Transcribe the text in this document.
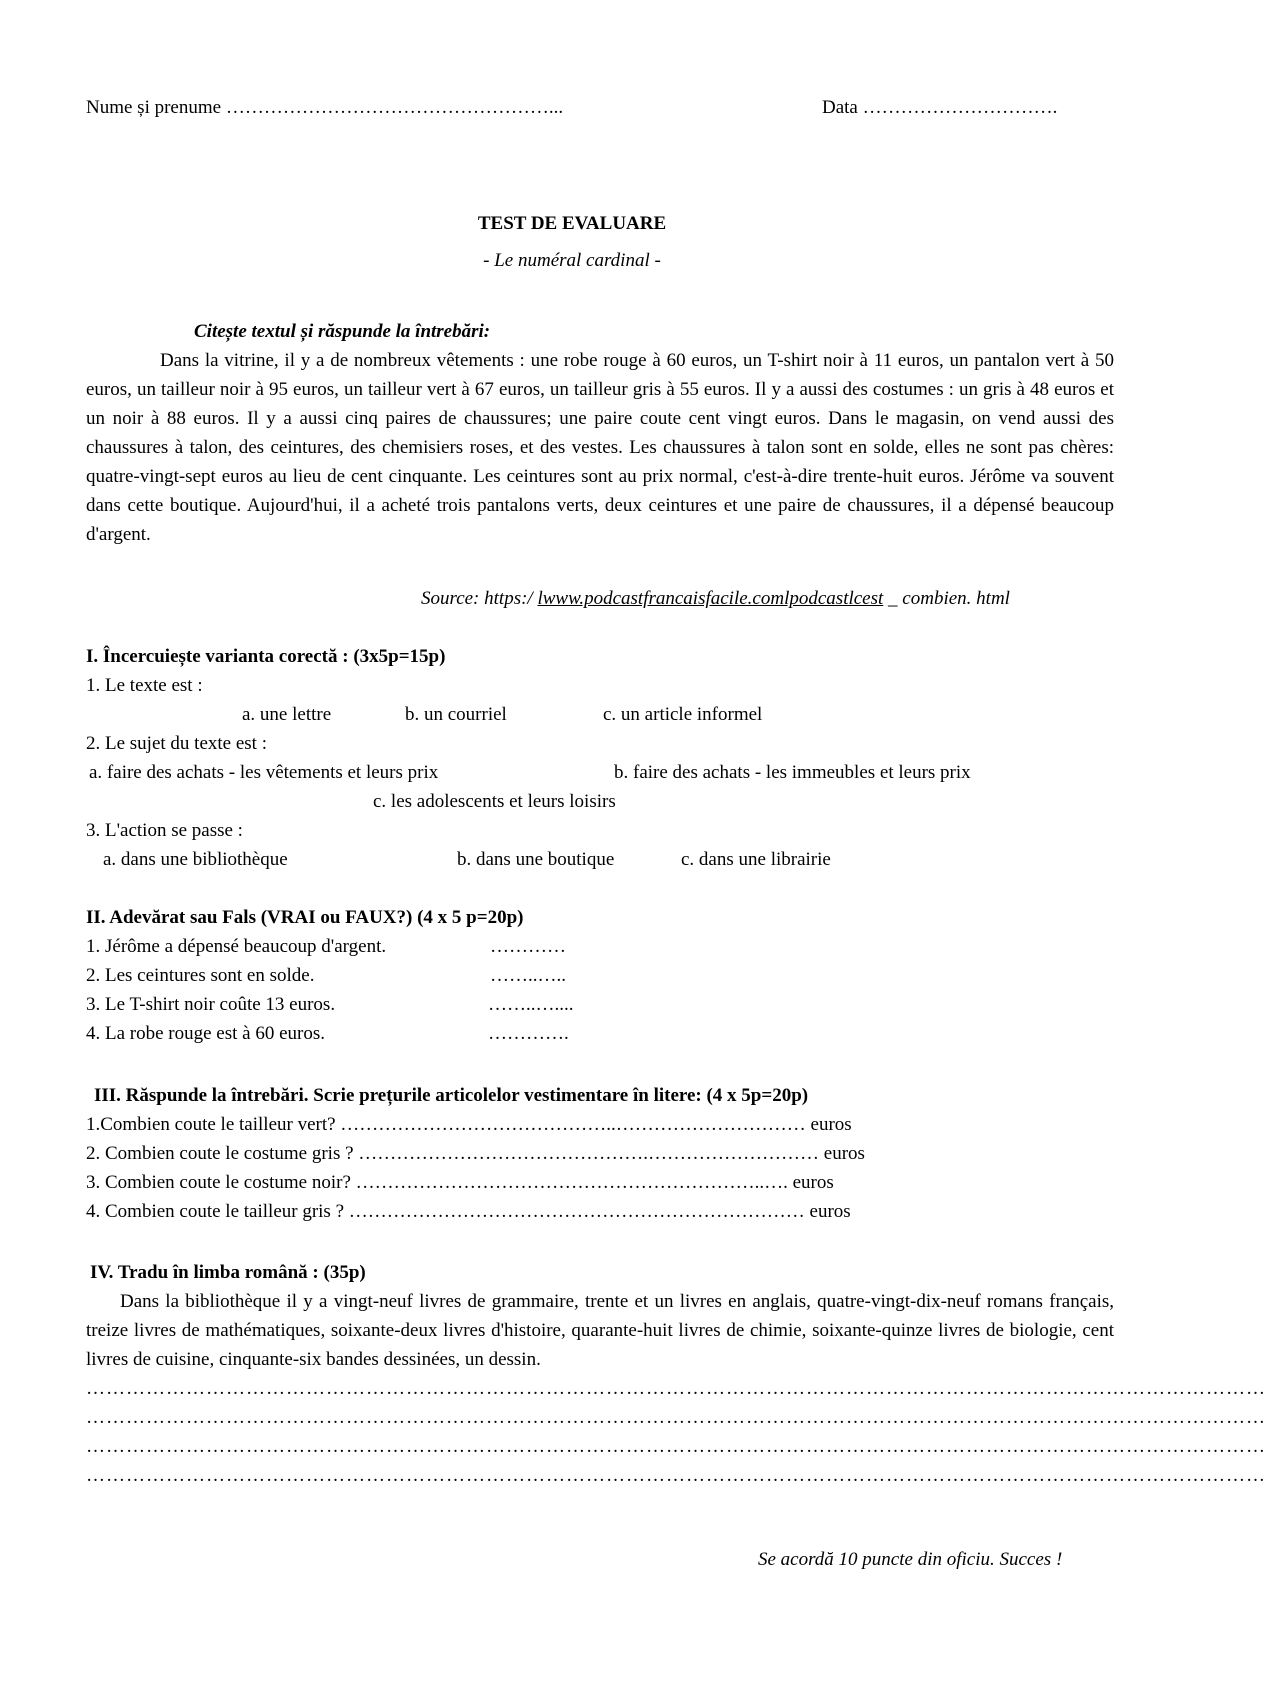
Nume și prenume ……………………………………………...	Data ………………………….
TEST DE EVALUARE
- Le numéral cardinal -
Citește textul și răspunde la întrebări:
Dans la vitrine, il y a de nombreux vêtements : une robe rouge à 60 euros, un T-shirt noir à 11 euros, un pantalon vert à 50 euros, un tailleur noir à 95 euros, un tailleur vert à 67 euros, un tailleur gris à 55 euros. Il y a aussi des costumes : un gris à 48 euros et un noir à 88 euros. Il y a aussi cinq paires de chaussures; une paire coute cent vingt euros. Dans le magasin, on vend aussi des chaussures à talon, des ceintures, des chemisiers roses, et des vestes. Les chaussures à talon sont en solde, elles ne sont pas chères: quatre-vingt-sept euros au lieu de cent cinquante. Les ceintures sont au prix normal, c'est-à-dire trente-huit euros. Jérôme va souvent dans cette boutique. Aujourd'hui, il a acheté trois pantalons verts, deux ceintures et une paire de chaussures, il a dépensé beaucoup d'argent.
Source: https:/ lwww.podcastfrancaisfacile.comlpodcastlcest _ combien. html
I. Încercuiește varianta corectă : (3x5p=15p)
1. Le texte est :
a. une lettre	b. un courriel	c. un article informel
2. Le sujet du texte est :
a. faire des achats - les vêtements et leurs prix	b. faire des achats - les immeubles et leurs prix
c. les adolescents et leurs loisirs
3. L'action se passe :
a. dans une bibliothèque	b. dans une boutique	c. dans une librairie
II. Adevărat sau Fals (VRAI ou FAUX?) (4 x 5 p=20p)
1. Jérôme a dépensé beaucoup d'argent.	…………
2. Les ceintures sont en solde.	……..…..
3. Le T-shirt noir coûte 13 euros.	……..…....
4. La robe rouge est à 60 euros.	………….
III. Răspunde la întrebări. Scrie prețurile articolelor vestimentare în litere: (4 x 5p=20p)
1.Combien coute le tailleur vert? ……………………………………..………………………… euros
2. Combien coute le costume gris ? ……………………………………….……………………… euros
3. Combien coute le costume noir? ………………………………………………………..…. euros
4. Combien coute le tailleur gris ? ……………………………………………………………… euros
IV. Tradu în limba română : (35p)
Dans la bibliothèque il y a vingt-neuf livres de grammaire, trente et un livres en anglais, quatre-vingt-dix-neuf romans français, treize livres de mathématiques, soixante-deux livres d'histoire, quarante-huit livres de chimie, soixante-quinze livres de biologie, cent livres de cuisine, cinquante-six bandes dessinées, un dessin.
……………………………………………………………………………………………………………………………………………………………
……………………………………………………………………………………………………………………………………………………………
……………………………………………………………………………………………………………………………………………………………
……………………………………………………………………………………………………………………………………………………………
Se acordă 10 puncte din oficiu. Succes !
